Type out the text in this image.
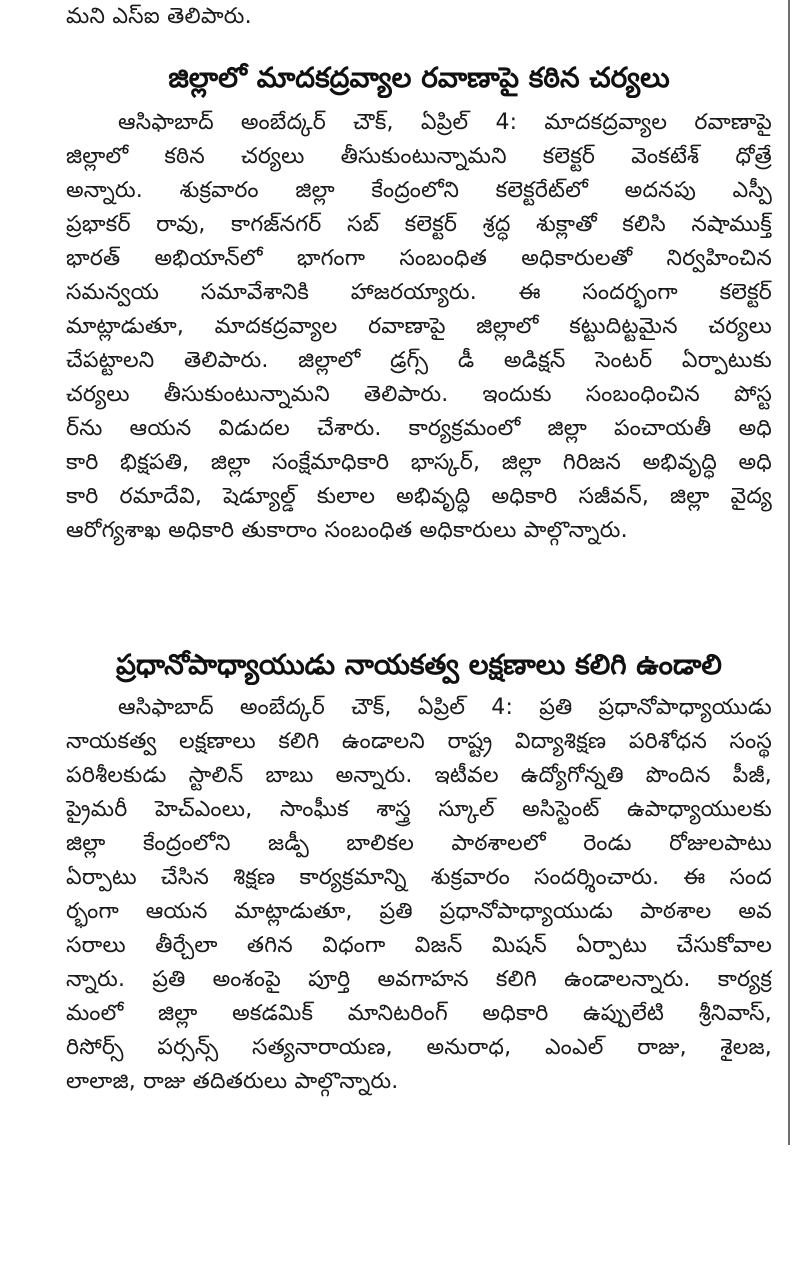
మని ఎస్ఐ తెలిపారు.
జిల్లాలో మాదకద్రవ్యాల రవాణాపై కఠిన చర్యలు
ఆసిఫాబాద్ అంబేద్కర్ చౌక్, ఏప్రిల్ 4: మాదకద్రవ్యాల రవాణాపై
జిల్లాలో కఠిన చర్యలు తీసుకుంటున్నామని కలెక్టర్ వెంకటేశ్ ధోత్రే
అన్నారు. శుక్రవారం జిల్లా కేంద్రంలోని కలెక్టరేట్‌లో అదనపు ఎస్పీ
ప్రభాకర్ రావు, కాగజ్‌నగర్ సబ్ కలెక్టర్ శ్రద్ధ శుక్లాతో కలిసి నషాముక్త్
భారత్ అభియాన్‌లో భాగంగా సంబంధిత అధికారులతో నిర్వహించిన
సమన్వయ సమావేశానికి హాజరయ్యారు. ఈ సందర్భంగా కలెక్టర్
మాట్లాడుతూ, మాదకద్రవ్యాల రవాణాపై జిల్లాలో కట్టుదిట్టమైన చర్యలు
చేపట్టాలని తెలిపారు. జిల్లాలో డ్రగ్స్ డీ అడిక్షన్ సెంటర్ ఏర్పాటుకు
చర్యలు తీసుకుంటున్నామని తెలిపారు. ఇందుకు సంబంధించిన పోస్ట
ర్‌ను ఆయన విడుదల చేశారు. కార్యక్రమంలో జిల్లా పంచాయతీ అధి
కారి భిక్షపతి, జిల్లా సంక్షేమాధికారి భాస్కర్, జిల్లా గిరిజన అభివృద్ధి అధి
కారి రమాదేవి, షెడ్యూల్డ్ కులాల అభివృద్ధి అధికారి సజీవన్, జిల్లా వైద్య
ఆరోగ్యశాఖ అధికారి తుకారాం సంబంధిత అధికారులు పాల్గొన్నారు.
ప్రధానోపాధ్యాయుడు నాయకత్వ లక్షణాలు కలిగి ఉండాలి
ఆసిఫాబాద్ అంబేద్కర్ చౌక్, ఏప్రిల్ 4: ప్రతి ప్రధానోపాధ్యాయుడు
నాయకత్వ లక్షణాలు కలిగి ఉండాలని రాష్ట్ర విద్యాశిక్షణ పరిశోధన సంస్థ
పరిశీలకుడు స్టాలిన్ బాబు అన్నారు. ఇటీవల ఉద్యోగోన్నతి పొందిన పీజీ,
ప్రైమరీ హెచ్ఎంలు, సాంఘీక శాస్త్ర స్కూల్ అసిస్టెంట్ ఉపాధ్యాయులకు
జిల్లా కేంద్రంలోని జడ్పీ బాలికల పాఠశాలలో రెండు రోజులపాటు
ఏర్పాటు చేసిన శిక్షణ కార్యక్రమాన్ని శుక్రవారం సందర్శించారు. ఈ సంద
ర్భంగా ఆయన మాట్లాడుతూ, ప్రతి ప్రధానోపాధ్యాయుడు పాఠశాల అవ
సరాలు తీర్చేలా తగిన విధంగా విజన్ మిషన్ ఏర్పాటు చేసుకోవాల
న్నారు. ప్రతి అంశంపై పూర్తి అవగాహన కలిగి ఉండాలన్నారు. కార్యక్ర
మంలో జిల్లా అకడమిక్ మానిటరింగ్ అధికారి ఉప్పులేటి శ్రీనివాస్,
రిసోర్స్ పర్సన్స్ సత్యనారాయణ, అనురాధ, ఎంఎల్ రాజు, శైలజ,
లాలాజి, రాజు తదితరులు పాల్గొన్నారు.
